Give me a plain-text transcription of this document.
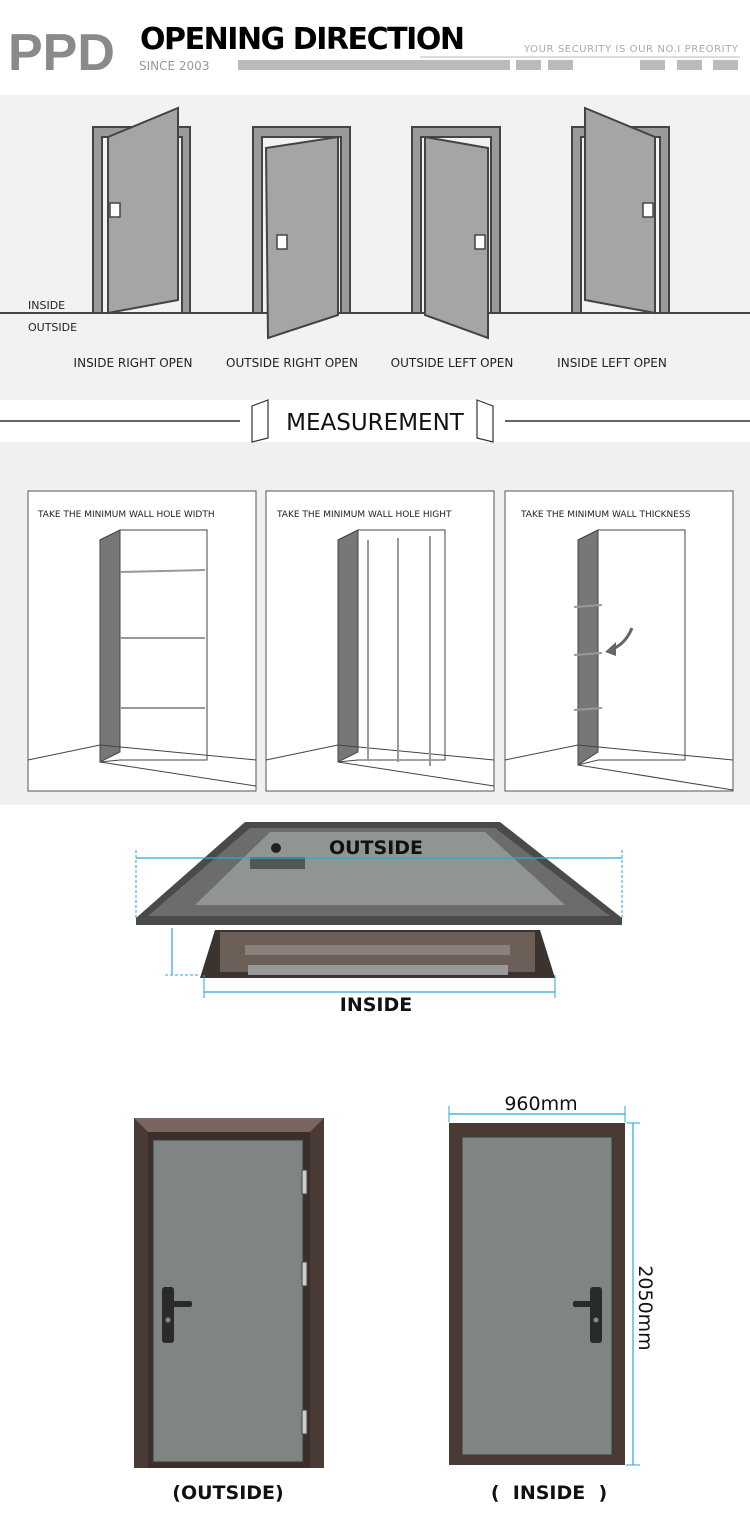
PPD OPENING DIRECTION
SINCE 2003
YOUR SECURITY IS OUR NO.I PREORITY
INSIDE
OUTSIDE
INSIDE RIGHT OPEN	OUTSIDE RIGHT OPEN	OUTSIDE LEFT OPEN	INSIDE LEFT OPEN
MEASUREMENT
TAKE THE MINIMUM WALL HOLE WIDTH	TAKE THE MINIMUM WALL HOLE HIGHT	TAKE THE MINIMUM WALL THICKNESS
OUTSIDE
INSIDE
(OUTSIDE)
960mm
2050mm
(  INSIDE  )
